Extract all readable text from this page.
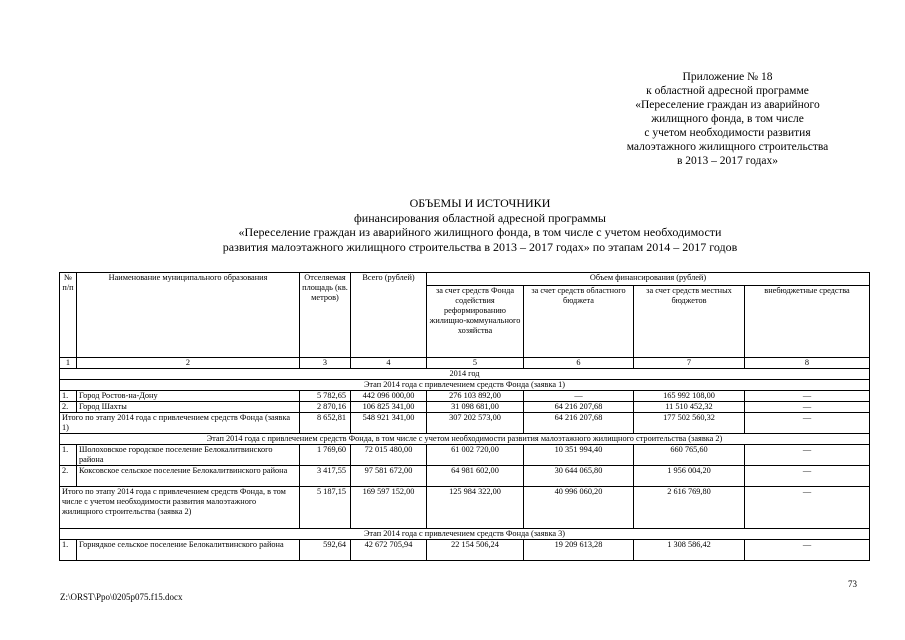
Приложение № 18
к областной адресной программе
«Переселение граждан из аварийного
жилищного фонда, в том числе
с учетом необходимости развития
малоэтажного жилищного строительства
в 2013 – 2017 годах»
ОБЪЕМЫ И ИСТОЧНИКИ
финансирования областной адресной программы
«Переселение граждан из аварийного жилищного фонда, в том числе с учетом необходимости
развития малоэтажного жилищного строительства в 2013 – 2017 годах» по этапам 2014 – 2017 годов
№ п/п	Наименование муниципального образования	Отселяемая площадь (кв. метров)	Всего (рублей)	Объем финансирования (рублей)			
				за счет средств Фонда содействия реформированию жилищно-коммунального хозяйства	за счет средств областного бюджета	за счет средств местных бюджетов	внебюджетные средства
1	2	3	4	5	6	7	8
2014 год							
Этап 2014 года с привлечением средств Фонда (заявка 1)							
1.	Город Ростов-на-Дону	5 782,65	442 096 000,00	276 103 892,00	—	165 992 108,00	—
2.	Город Шахты	2 870,16	106 825 341,00	31 098 681,00	64 216 207,68	11 510 452,32	—
Итого по этапу 2014 года с привлечением средств Фонда (заявка 1)		8 652,81	548 921 341,00	307 202 573,00	64 216 207,68	177 502 560,32	—
Этап 2014 года с привлечением средств Фонда, в том числе с учетом необходимости развития малоэтажного жилищного строительства (заявка 2)							
1.	Шолоховское городское поселение Белокалитвинского района	1 769,60	72 015 480,00	61 002 720,00	10 351 994,40	660 765,60	—
2.	Коксовское сельское поселение Белокалитвинского района	3 417,55	97 581 672,00	64 981 602,00	30 644 065,80	1 956 004,20	—

Итого по этапу 2014 года с привлечением средств Фонда, в том числе с учетом необходимости развития малоэтажного жилищного строительства (заявка 2)		5 187,15	169 597 152,00	125 984 322,00	40 996 060,20	2 616 769,80	—
Этап 2014 года с привлечением средств Фонда (заявка 3)							
1.	Горнядкое сельское поселение Белокалитвинского района	592,64	42 672 705,94	22 154 506,24	19 209 613,28	1 308 586,42	—
73
Z:\ORST\Ppo\0205p075.f15.docx
